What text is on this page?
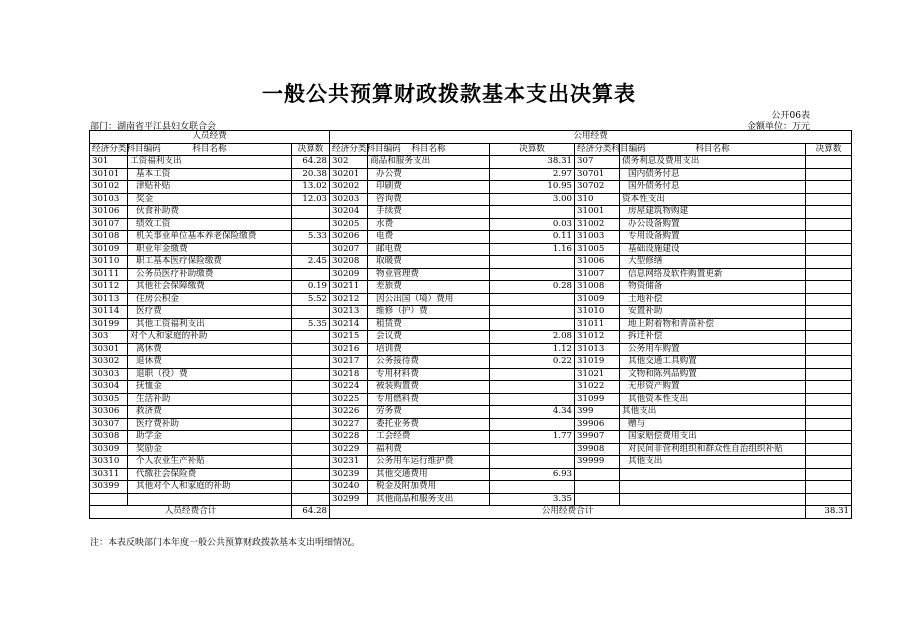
一般公共预算财政拨款基本支出决算表
公开06表
部门：湖南省平江县妇女联合会	金额单位：万元
人员经费			公用经费					
经济分类科目编码	科目名称	决算数	经济分类科目编码	科目名称	决算数	经济分类科目编码	科目名称	决算数
301	工资福利支出	64.28	302	商品和服务支出	38.31	307	债务利息及费用支出	
30101	基本工资	20.38	30201	办公费	2.97	30701	国内债务付息	
30102	津贴补贴	13.02	30202	印刷费	10.95	30702	国外债务付息	
30103	奖金	12.03	30203	咨询费	3.00	310	资本性支出	
30106	伙食补助费		30204	手续费		31001	房屋建筑物购建	
30107	绩效工资		30205	水费	0.03	31002	办公设备购置	
30108	机关事业单位基本养老保险缴费	5.33	30206	电费	0.11	31003	专用设备购置	
30109	职业年金缴费		30207	邮电费	1.16	31005	基础设施建设	
30110	职工基本医疗保险缴费	2.45	30208	取暖费		31006	大型修缮	
30111	公务员医疗补助缴费		30209	物业管理费		31007	信息网络及软件购置更新	
30112	其他社会保障缴费	0.19	30211	差旅费	0.28	31008	物资储备	
30113	住房公积金	5.52	30212	因公出国（境）费用		31009	土地补偿	
30114	医疗费		30213	维修（护）费		31010	安置补助	
30199	其他工资福利支出	5.35	30214	租赁费		31011	地上附着物和青苗补偿	
303	对个人和家庭的补助		30215	会议费	2.08	31012	拆迁补偿	
30301	离休费		30216	培训费	1.12	31013	公务用车购置	
30302	退休费		30217	公务接待费	0.22	31019	其他交通工具购置	
30303	退职（役）费		30218	专用材料费		31021	文物和陈列品购置	
30304	抚恤金		30224	被装购置费		31022	无形资产购置	
30305	生活补助		30225	专用燃料费		31099	其他资本性支出	
30306	救济费		30226	劳务费	4.34	399	其他支出	
30307	医疗费补助		30227	委托业务费		39906	赠与	
30308	助学金		30228	工会经费	1.77	39907	国家赔偿费用支出	
30309	奖励金		30229	福利费		39908	对民间非营利组织和群众性自治组织补贴	
30310	个人农业生产补贴		30231	公务用车运行维护费		39999	其他支出	
30311	代缴社会保险费		30239	其他交通费用	6.93			
30399	其他对个人和家庭的补助		30240	税金及附加费用				
			30299	其他商品和服务支出	3.35			
人员经费合计		64.28	公用经费合计					38.31
注：本表反映部门本年度一般公共预算财政拨款基本支出明细情况。
